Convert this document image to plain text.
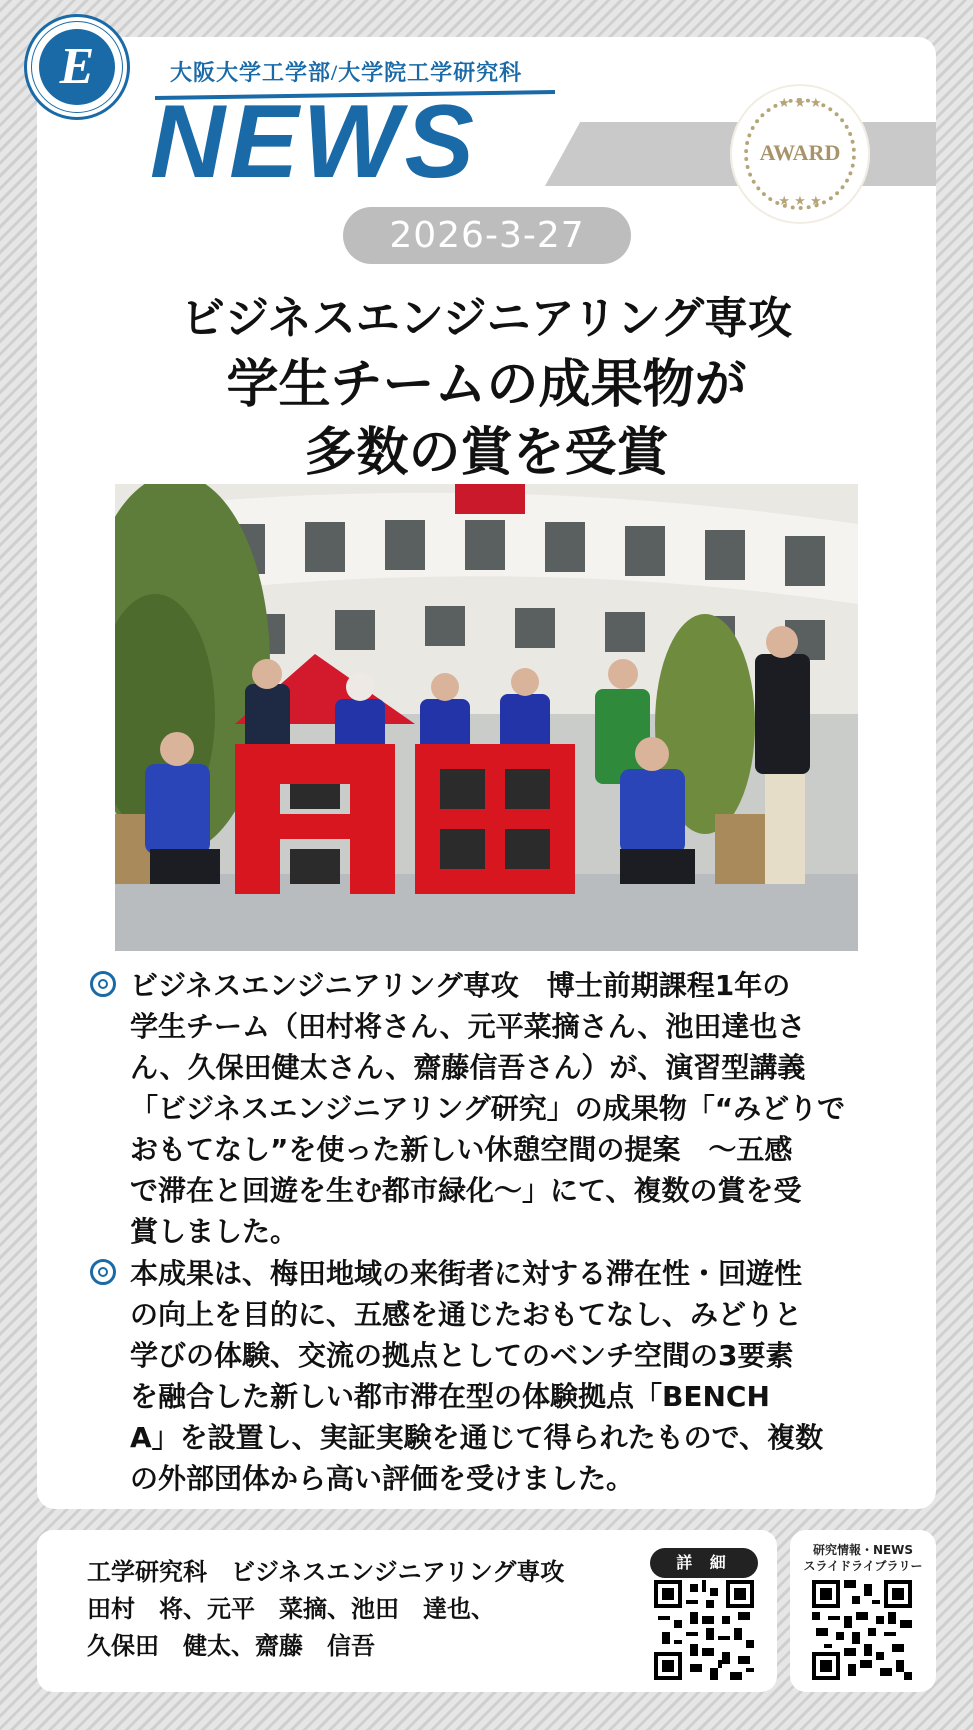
E	大阪大学工学部/大学院工学研究科
NEWS	★ ★ ★
AWARD
★ ★ ★
2026-3-27
ビジネスエンジニアリング専攻
学生チームの成果物が
多数の賞を受賞
ビジネスエンジニアリング専攻　博士前期課程1年の
学生チーム（田村将さん、元平菜摘さん、池田達也さ
ん、久保田健太さん、齋藤信吾さん）が、演習型講義
「ビジネスエンジニアリング研究」の成果物「“みどりで
おもてなし”を使った新しい休憩空間の提案　～五感
で滞在と回遊を生む都市緑化～」にて、複数の賞を受
賞しました。
本成果は、梅田地域の来街者に対する滞在性・回遊性
の向上を目的に、五感を通じたおもてなし、みどりと
学びの体験、交流の拠点としてのベンチ空間の3要素
を融合した新しい都市滞在型の体験拠点「BENCH
A」を設置し、実証実験を通じて得られたもので、複数
の外部団体から高い評価を受けました。
工学研究科　ビジネスエンジニアリング専攻
田村　将、元平　菜摘、池田　達也、
久保田　健太、齋藤　信吾
詳 細
研究情報・NEWS
スライドライブラリー
